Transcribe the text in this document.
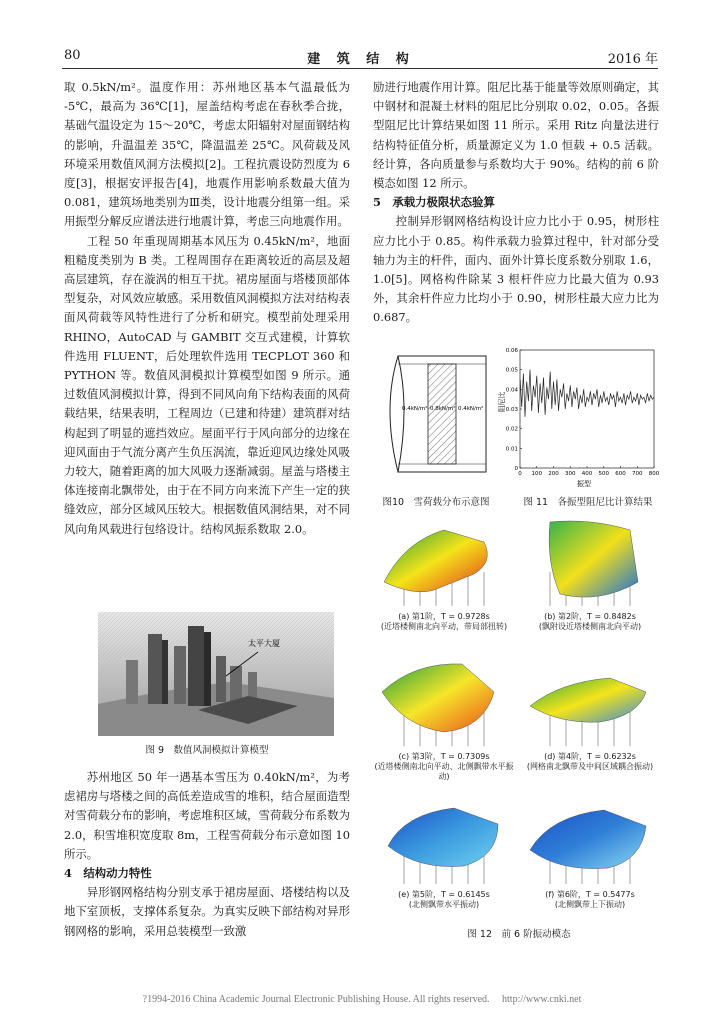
80	建 筑 结 构	2016 年

取 0.5kN/m²。温度作用：苏州地区基本气温最低为 -5℃，最高为 36℃[1]，屋盖结构考虑在春秋季合拢，基础气温设定为 15～20℃，考虑太阳辐射对屋面钢结构的影响，升温温差 35℃，降温温差 25℃。风荷载及风环境采用数值风洞方法模拟[2]。工程抗震设防烈度为 6 度[3]，根据安评报告[4]，地震作用影响系数最大值为 0.081，建筑场地类别为Ⅲ类，设计地震分组第一组。采用振型分解反应谱法进行地震计算，考虑三向地震作用。

工程 50 年重现周期基本风压为 0.45kN/m²，地面粗糙度类别为 B 类。工程周围存在距离较近的高层及超高层建筑，存在漩涡的相互干扰。裙房屋面与塔楼顶部体型复杂，对风效应敏感。采用数值风洞模拟方法对结构表面风荷载等风特性进行了分析和研究。模型前处理采用 RHINO，AutoCAD 与 GAMBIT 交互式建模，计算软件选用 FLUENT，后处理软件选用 TECPLOT 360 和 PYTHON 等。数值风洞模拟计算模型如图 9 所示。通过数值风洞模拟计算，得到不同风向角下结构表面的风荷载结果，结果表明，工程周边（已建和待建）建筑群对结构起到了明显的遮挡效应。屋面平行于风向部分的边缘在迎风面由于气流分离产生负压涡流，靠近迎风边缘处风吸力较大，随着距离的加大风吸力逐渐减弱。屋盖与塔楼主体连接南北飘带处，由于在不同方向来流下产生一定的狭缝效应，部分区域风压较大。根据数值风洞结果，对不同风向角风载进行包络设计。结构风振系数取 2.0。

太平大厦
图 9　数值风洞模拟计算模型

苏州地区 50 年一遇基本雪压为 0.40kN/m²，为考虑裙房与塔楼之间的高低差造成雪的堆积，结合屋面造型对雪荷载分布的影响，考虑堆积区域，雪荷载分布系数为 2.0，积雪堆积宽度取 8m，工程雪荷载分布示意如图 10 所示。

4　结构动力特性

异形钢网格结构分别支承于裙房屋面、塔楼结构以及地下室顶板，支撑体系复杂。为真实反映下部结构对异形钢网格的影响，采用总装模型一致激

励进行地震作用计算。阻尼比基于能量等效原则确定，其中钢材和混凝土材料的阻尼比分别取 0.02，0.05。各振型阻尼比计算结果如图 11 所示。采用 Ritz 向量法进行结构特征值分析，质量源定义为 1.0 恒载 + 0.5 活载。经计算，各向质量参与系数均大于 90%。结构的前 6 阶模态如图 12 所示。

5　承载力极限状态验算

控制异形钢网格结构设计应力比小于 0.95，树形柱应力比小于 0.85。构件承载力验算过程中，针对部分受轴力为主的杆件，面内、面外计算长度系数分别取 1.6，1.0[5]。网格构件除某 3 根杆件应力比最大值为 0.93 外，其余杆件应力比均小于 0.90，树形柱最大应力比为 0.687。

0.4kN/m² 0.8kN/m² 0.4kN/m²
图10　雪荷载分布示意图
0 100 200 300 400 500 600 700 800
0
0.01
0.02
0.03
0.04
0.05
0.06
振型
阻尼比
图 11　各振型阻尼比计算结果
(a) 第1阶，T = 0.9728s
(近塔楼侧南北向平动，带局部扭转)
(b) 第2阶，T = 0.8482s
(飘附设近塔楼侧南北向平动)
(c) 第3阶，T = 0.7309s
(近塔楼侧南北向平动、北侧飘带水平振动)
(d) 第4阶，T = 0.6232s
(网格南北飘带及中间区域耦合振动)
(e) 第5阶，T = 0.6145s
(北侧飘带水平振动)
(f) 第6阶，T = 0.5477s
(北侧飘带上下振动)
图 12　前 6 阶振动模态
?1994-2016 China Academic Journal Electronic Publishing House. All rights reserved.　 http://www.cnki.net
